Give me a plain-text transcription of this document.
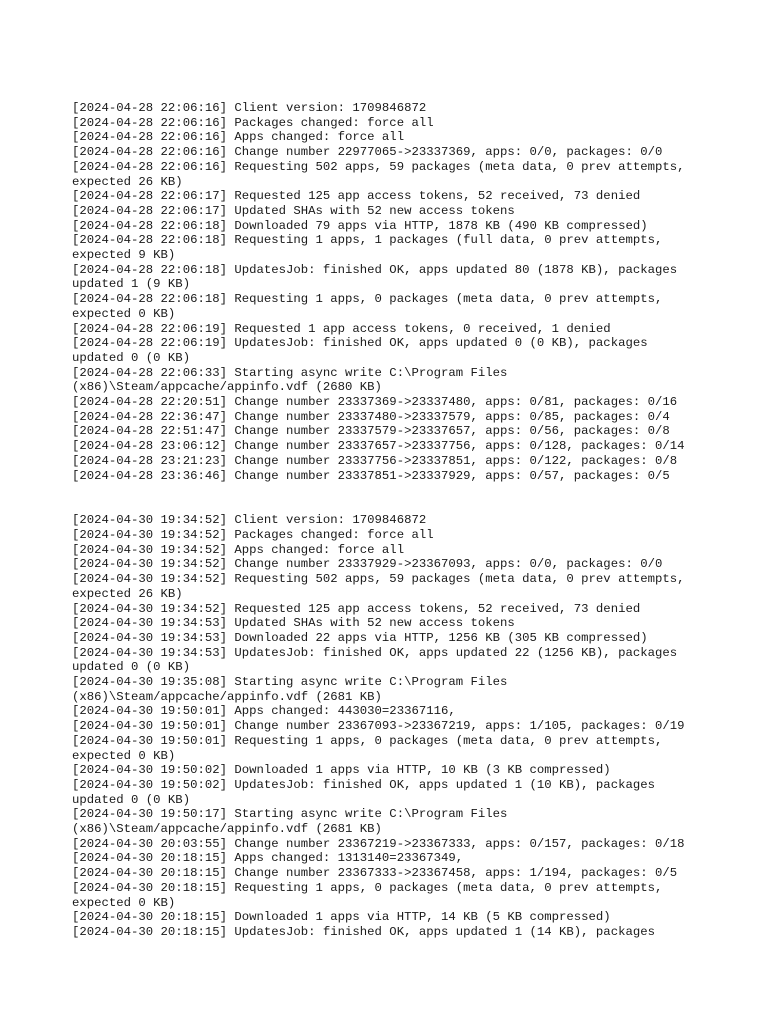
[2024-04-28 22:06:16] Client version: 1709846872
[2024-04-28 22:06:16] Packages changed: force all
[2024-04-28 22:06:16] Apps changed: force all
[2024-04-28 22:06:16] Change number 22977065->23337369, apps: 0/0, packages: 0/0
[2024-04-28 22:06:16] Requesting 502 apps, 59 packages (meta data, 0 prev attempts,
expected 26 KB)
[2024-04-28 22:06:17] Requested 125 app access tokens, 52 received, 73 denied
[2024-04-28 22:06:17] Updated SHAs with 52 new access tokens
[2024-04-28 22:06:18] Downloaded 79 apps via HTTP, 1878 KB (490 KB compressed)
[2024-04-28 22:06:18] Requesting 1 apps, 1 packages (full data, 0 prev attempts,
expected 9 KB)
[2024-04-28 22:06:18] UpdatesJob: finished OK, apps updated 80 (1878 KB), packages
updated 1 (9 KB)
[2024-04-28 22:06:18] Requesting 1 apps, 0 packages (meta data, 0 prev attempts,
expected 0 KB)
[2024-04-28 22:06:19] Requested 1 app access tokens, 0 received, 1 denied
[2024-04-28 22:06:19] UpdatesJob: finished OK, apps updated 0 (0 KB), packages
updated 0 (0 KB)
[2024-04-28 22:06:33] Starting async write C:\Program Files
(x86)\Steam/appcache/appinfo.vdf (2680 KB)
[2024-04-28 22:20:51] Change number 23337369->23337480, apps: 0/81, packages: 0/16
[2024-04-28 22:36:47] Change number 23337480->23337579, apps: 0/85, packages: 0/4
[2024-04-28 22:51:47] Change number 23337579->23337657, apps: 0/56, packages: 0/8
[2024-04-28 23:06:12] Change number 23337657->23337756, apps: 0/128, packages: 0/14
[2024-04-28 23:21:23] Change number 23337756->23337851, apps: 0/122, packages: 0/8
[2024-04-28 23:36:46] Change number 23337851->23337929, apps: 0/57, packages: 0/5
[2024-04-30 19:34:52] Client version: 1709846872
[2024-04-30 19:34:52] Packages changed: force all
[2024-04-30 19:34:52] Apps changed: force all
[2024-04-30 19:34:52] Change number 23337929->23367093, apps: 0/0, packages: 0/0
[2024-04-30 19:34:52] Requesting 502 apps, 59 packages (meta data, 0 prev attempts,
expected 26 KB)
[2024-04-30 19:34:52] Requested 125 app access tokens, 52 received, 73 denied
[2024-04-30 19:34:53] Updated SHAs with 52 new access tokens
[2024-04-30 19:34:53] Downloaded 22 apps via HTTP, 1256 KB (305 KB compressed)
[2024-04-30 19:34:53] UpdatesJob: finished OK, apps updated 22 (1256 KB), packages
updated 0 (0 KB)
[2024-04-30 19:35:08] Starting async write C:\Program Files
(x86)\Steam/appcache/appinfo.vdf (2681 KB)
[2024-04-30 19:50:01] Apps changed: 443030=23367116,
[2024-04-30 19:50:01] Change number 23367093->23367219, apps: 1/105, packages: 0/19
[2024-04-30 19:50:01] Requesting 1 apps, 0 packages (meta data, 0 prev attempts,
expected 0 KB)
[2024-04-30 19:50:02] Downloaded 1 apps via HTTP, 10 KB (3 KB compressed)
[2024-04-30 19:50:02] UpdatesJob: finished OK, apps updated 1 (10 KB), packages
updated 0 (0 KB)
[2024-04-30 19:50:17] Starting async write C:\Program Files
(x86)\Steam/appcache/appinfo.vdf (2681 KB)
[2024-04-30 20:03:55] Change number 23367219->23367333, apps: 0/157, packages: 0/18
[2024-04-30 20:18:15] Apps changed: 1313140=23367349,
[2024-04-30 20:18:15] Change number 23367333->23367458, apps: 1/194, packages: 0/5
[2024-04-30 20:18:15] Requesting 1 apps, 0 packages (meta data, 0 prev attempts,
expected 0 KB)
[2024-04-30 20:18:15] Downloaded 1 apps via HTTP, 14 KB (5 KB compressed)
[2024-04-30 20:18:15] UpdatesJob: finished OK, apps updated 1 (14 KB), packages
